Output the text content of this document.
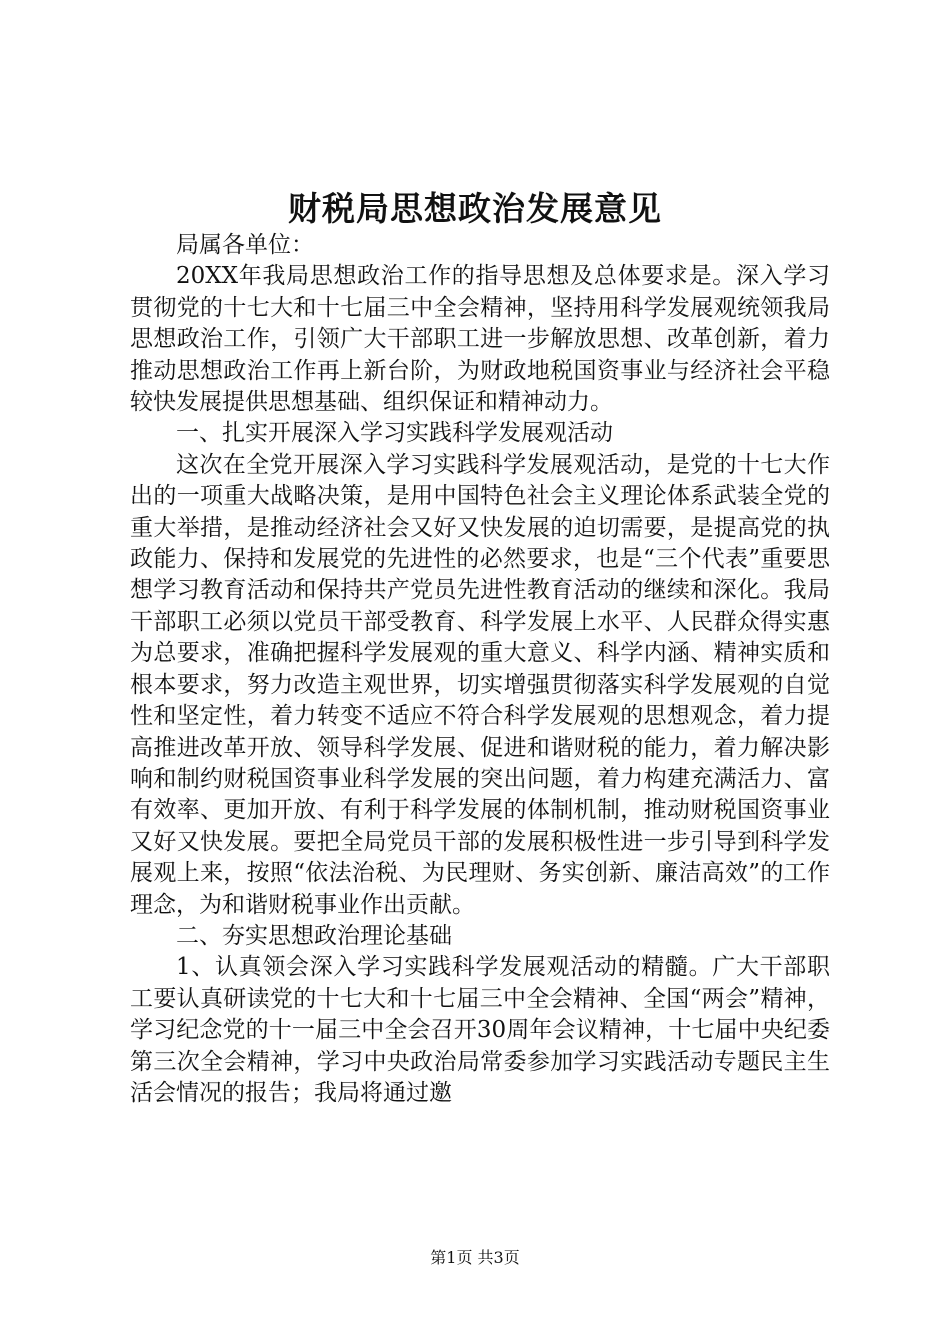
财税局思想政治发展意见

局属各单位：

20XX年我局思想政治工作的指导思想及总体要求是。深入学习贯彻党的十七大和十七届三中全会精神，坚持用科学发展观统领我局思想政治工作，引领广大干部职工进一步解放思想、改革创新，着力推动思想政治工作再上新台阶，为财政地税国资事业与经济社会平稳较快发展提供思想基础、组织保证和精神动力。

一、扎实开展深入学习实践科学发展观活动

这次在全党开展深入学习实践科学发展观活动，是党的十七大作出的一项重大战略决策，是用中国特色社会主义理论体系武装全党的重大举措，是推动经济社会又好又快发展的迫切需要，是提高党的执政能力、保持和发展党的先进性的必然要求，也是“三个代表”重要思想学习教育活动和保持共产党员先进性教育活动的继续和深化。我局干部职工必须以党员干部受教育、科学发展上水平、人民群众得实惠为总要求，准确把握科学发展观的重大意义、科学内涵、精神实质和根本要求，努力改造主观世界，切实增强贯彻落实科学发展观的自觉性和坚定性，着力转变不适应不符合科学发展观的思想观念，着力提高推进改革开放、领导科学发展、促进和谐财税的能力，着力解决影响和制约财税国资事业科学发展的突出问题，着力构建充满活力、富有效率、更加开放、有利于科学发展的体制机制，推动财税国资事业又好又快发展。要把全局党员干部的发展积极性进一步引导到科学发展观上来，按照“依法治税、为民理财、务实创新、廉洁高效”的工作理念，为和谐财税事业作出贡献。

二、夯实思想政治理论基础

1、认真领会深入学习实践科学发展观活动的精髓。广大干部职工要认真研读党的十七大和十七届三中全会精神、全国“两会”精神，学习纪念党的十一届三中全会召开30周年会议精神，十七届中央纪委第三次全会精神，学习中央政治局常委参加学习实践活动专题民主生活会情况的报告；我局将通过邀

第1页 共3页
